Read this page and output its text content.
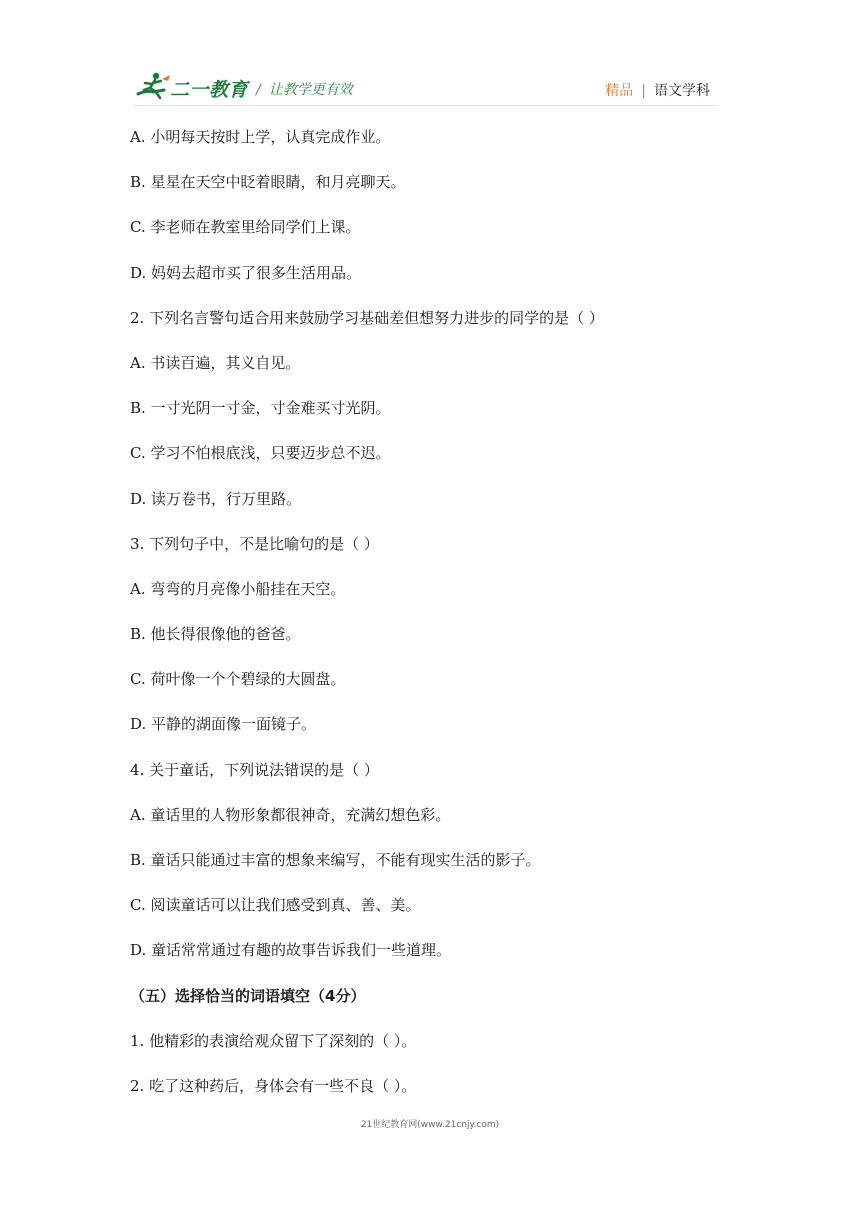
二一教育 / 让教学更有效	精品 | 语文学科
A. 小明每天按时上学，认真完成作业。
B. 星星在天空中眨着眼睛，和月亮聊天。
C. 李老师在教室里给同学们上课。
D. 妈妈去超市买了很多生活用品。
2. 下列名言警句适合用来鼓励学习基础差但想努力进步的同学的是（ ）
A. 书读百遍，其义自见。
B. 一寸光阴一寸金，寸金难买寸光阴。
C. 学习不怕根底浅，只要迈步总不迟。
D. 读万卷书，行万里路。
3. 下列句子中，不是比喻句的是（ ）
A. 弯弯的月亮像小船挂在天空。
B. 他长得很像他的爸爸。
C. 荷叶像一个个碧绿的大圆盘。
D. 平静的湖面像一面镜子。
4. 关于童话，下列说法错误的是（ ）
A. 童话里的人物形象都很神奇，充满幻想色彩。
B. 童话只能通过丰富的想象来编写，不能有现实生活的影子。
C. 阅读童话可以让我们感受到真、善、美。
D. 童话常常通过有趣的故事告诉我们一些道理。
（五）选择恰当的词语填空（4分）
1. 他精彩的表演给观众留下了深刻的（ ）。
2. 吃了这种药后，身体会有一些不良（ ）。
21世纪教育网(www.21cnjy.com)
